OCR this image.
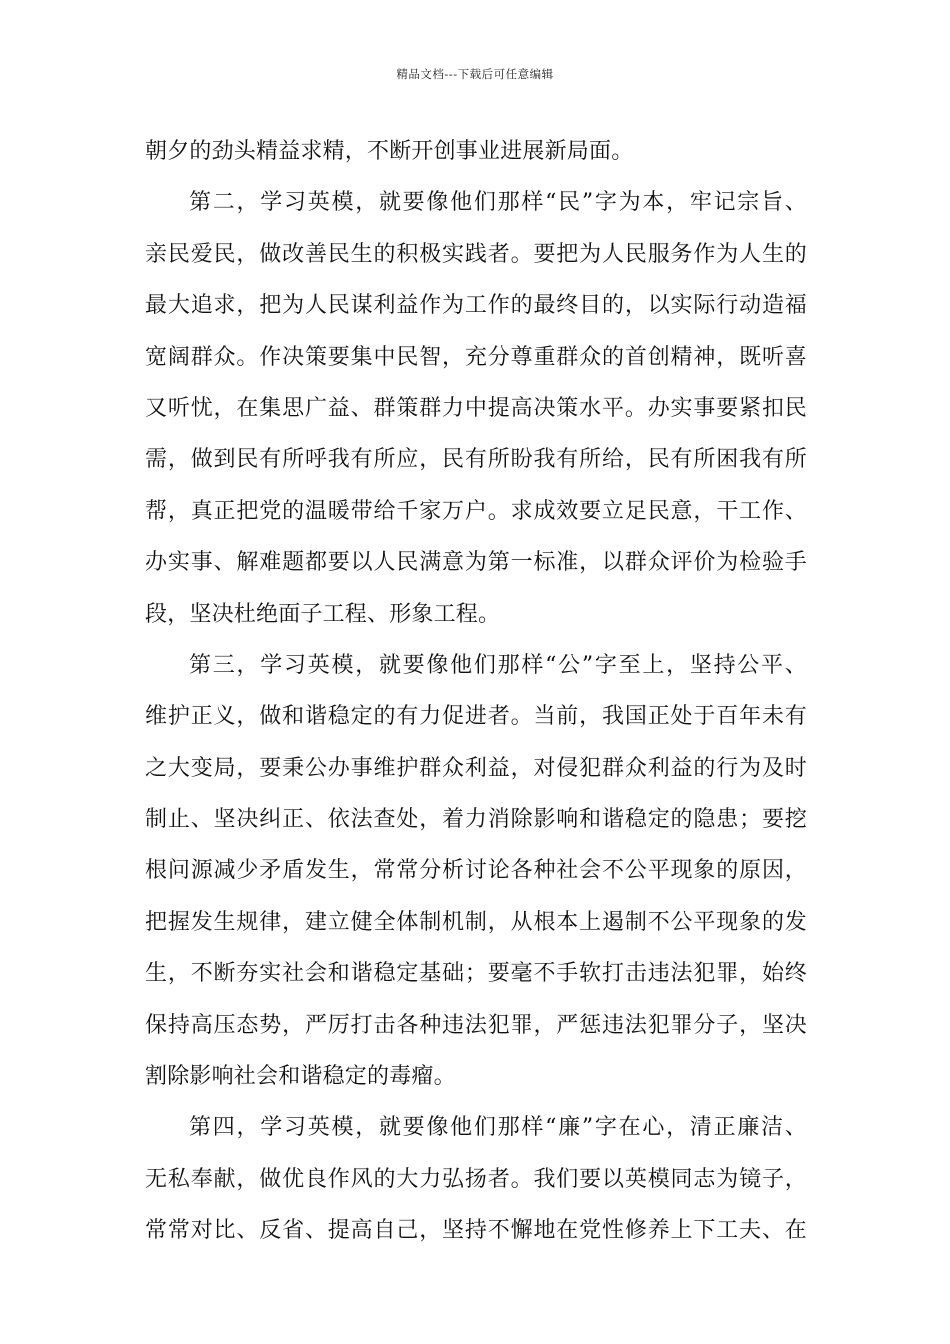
精品文档---下载后可任意编辑
朝夕的劲头精益求精，不断开创事业进展新局面。
第二，学习英模，就要像他们那样“民”字为本，牢记宗旨、
亲民爱民，做改善民生的积极实践者。要把为人民服务作为人生的
最大追求，把为人民谋利益作为工作的最终目的，以实际行动造福
宽阔群众。作决策要集中民智，充分尊重群众的首创精神，既听喜
又听忧，在集思广益、群策群力中提高决策水平。办实事要紧扣民
需，做到民有所呼我有所应，民有所盼我有所给，民有所困我有所
帮，真正把党的温暖带给千家万户。求成效要立足民意，干工作、
办实事、解难题都要以人民满意为第一标准，以群众评价为检验手
段，坚决杜绝面子工程、形象工程。
第三，学习英模，就要像他们那样“公”字至上，坚持公平、
维护正义，做和谐稳定的有力促进者。当前，我国正处于百年未有
之大变局，要秉公办事维护群众利益，对侵犯群众利益的行为及时
制止、坚决纠正、依法查处，着力消除影响和谐稳定的隐患；要挖
根问源减少矛盾发生，常常分析讨论各种社会不公平现象的原因，
把握发生规律，建立健全体制机制，从根本上遏制不公平现象的发
生，不断夯实社会和谐稳定基础；要毫不手软打击违法犯罪，始终
保持高压态势，严厉打击各种违法犯罪，严惩违法犯罪分子，坚决
割除影响社会和谐稳定的毒瘤。
第四，学习英模，就要像他们那样“廉”字在心，清正廉洁、
无私奉献，做优良作风的大力弘扬者。我们要以英模同志为镜子，
常常对比、反省、提高自己，坚持不懈地在党性修养上下工夫、在
